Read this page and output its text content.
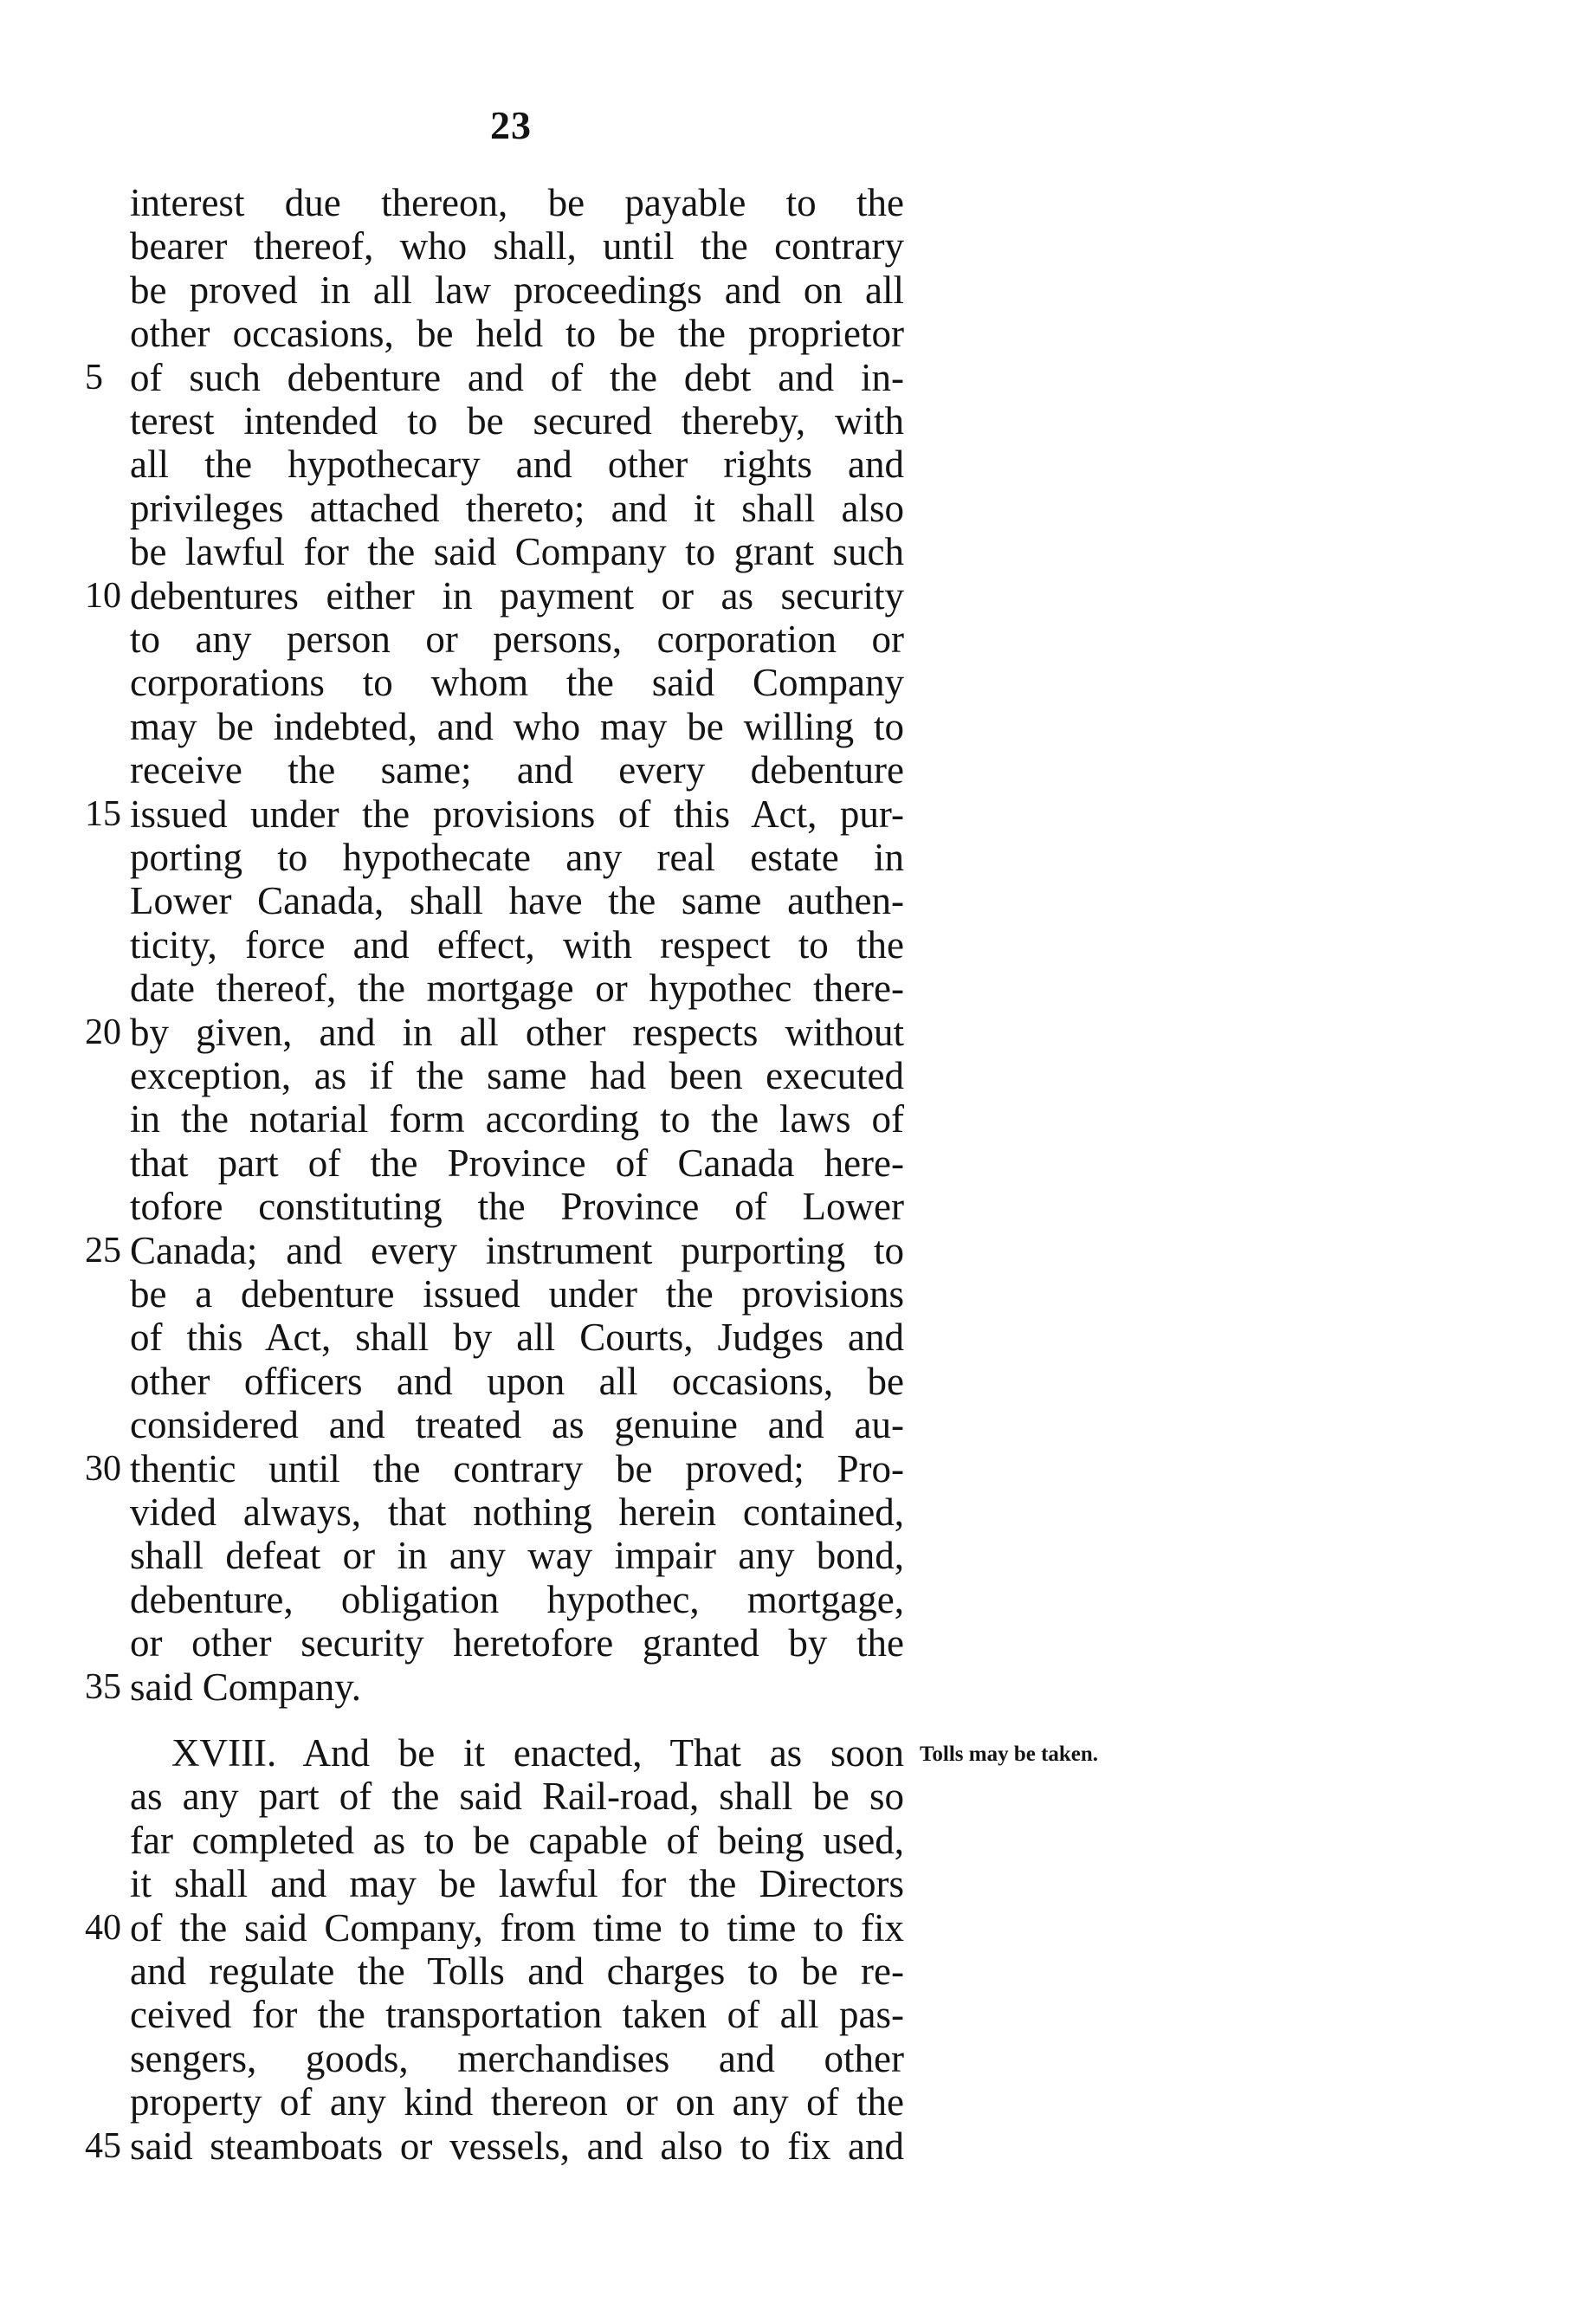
23
interest due thereon, be payable to the
bearer thereof, who shall, until the contrary
be proved in all law proceedings and on all
other occasions, be held to be the proprietor
of such debenture and of the debt and in-
5
terest intended to be secured thereby, with
all the hypothecary and other rights and
privileges attached thereto; and it shall also
be lawful for the said Company to grant such
debentures either in payment or as security
10
to any person or persons, corporation or
corporations to whom the said Company
may be indebted, and who may be willing to
receive the same; and every debenture
issued under the provisions of this Act, pur-
15
porting to hypothecate any real estate in
Lower Canada, shall have the same authen-
ticity, force and effect, with respect to the
date thereof, the mortgage or hypothec there-
by given, and in all other respects without
20
exception, as if the same had been executed
in the notarial form according to the laws of
that part of the Province of Canada here-
tofore constituting the Province of Lower
Canada; and every instrument purporting to
25
be a debenture issued under the provisions
of this Act, shall by all Courts, Judges and
other officers and upon all occasions, be
considered and treated as genuine and au-
thentic until the contrary be proved; Pro-
30
vided always, that nothing herein contained,
shall defeat or in any way impair any bond,
debenture, obligation hypothec, mortgage,
or other security heretofore granted by the
said Company.
35
XVIII. And be it enacted, That as soon
as any part of the said Rail-road, shall be so
far completed as to be capable of being used,
it shall and may be lawful for the Directors
of the said Company, from time to time to fix
40
and regulate the Tolls and charges to be re-
ceived for the transportation taken of all pas-
sengers, goods, merchandises and other
property of any kind thereon or on any of the
said steamboats or vessels, and also to fix and
45
Tolls may be taken.
